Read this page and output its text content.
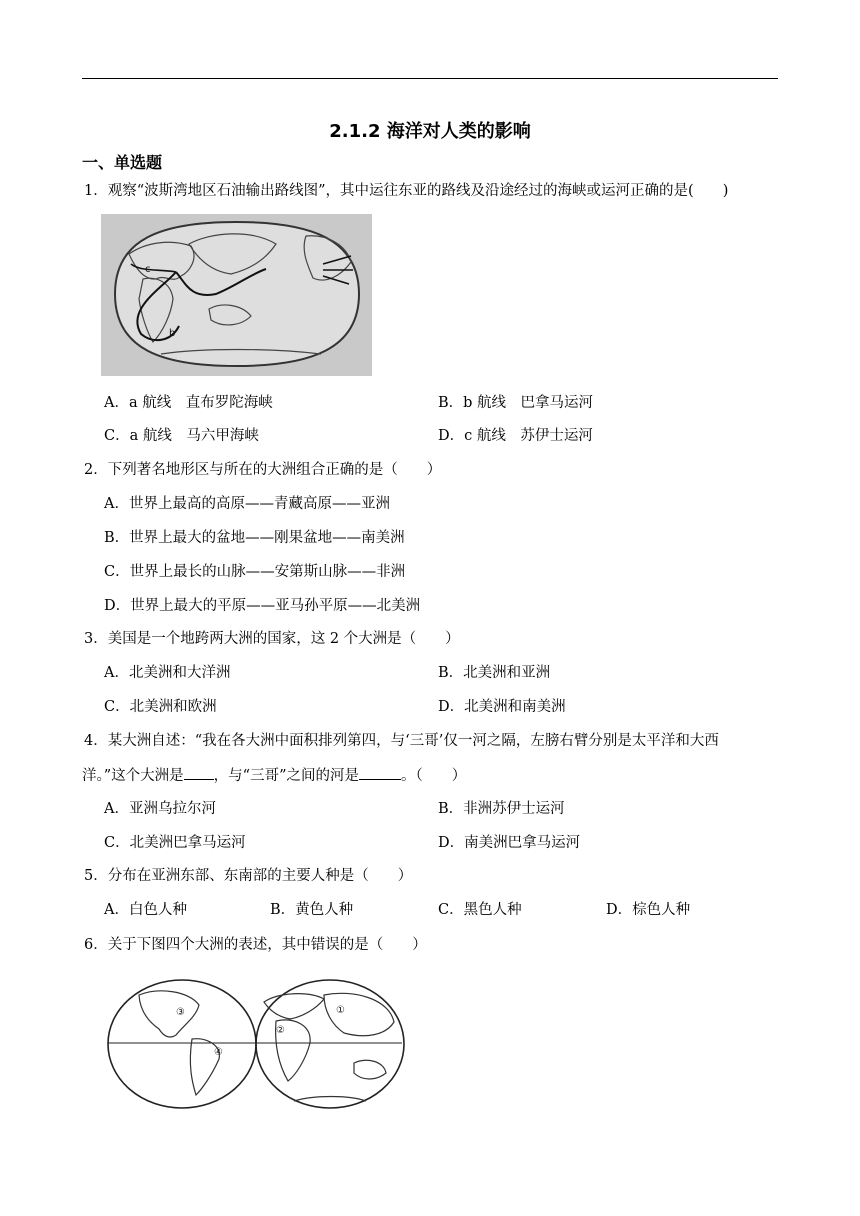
2.1.2 海洋对人类的影响
一、单选题
1．观察“波斯湾地区石油输出路线图”，其中运往东亚的路线及沿途经过的海峡或运河正确的是(　　)
c
b
A．a 航线　直布罗陀海峡	B．b 航线　巴拿马运河
C．a 航线　马六甲海峡	D．c 航线　苏伊士运河
2．下列著名地形区与所在的大洲组合正确的是（　　）
A．世界上最高的高原——青藏高原——亚洲
B．世界上最大的盆地——刚果盆地——南美洲
C．世界上最长的山脉——安第斯山脉——非洲
D．世界上最大的平原——亚马孙平原——北美洲
3．美国是一个地跨两大洲的国家，这 2 个大洲是（　　）
A．北美洲和大洋洲	B．北美洲和亚洲
C．北美洲和欧洲	D．北美洲和南美洲
4．某大洲自述：“我在各大洲中面积排列第四，与‘三哥’仅一河之隔，左膀右臂分别是太平洋和大西
洋。”这个大洲是 ，与“三哥”之间的河是	。（　　）
A．亚洲乌拉尔河	B．非洲苏伊士运河
C．北美洲巴拿马运河	D．南美洲巴拿马运河
5．分布在亚洲东部、东南部的主要人种是（　　）
A．白色人种	B．黄色人种	C．黑色人种	D．棕色人种
6．关于下图四个大洲的表述，其中错误的是（　　）
③
④
②
①
